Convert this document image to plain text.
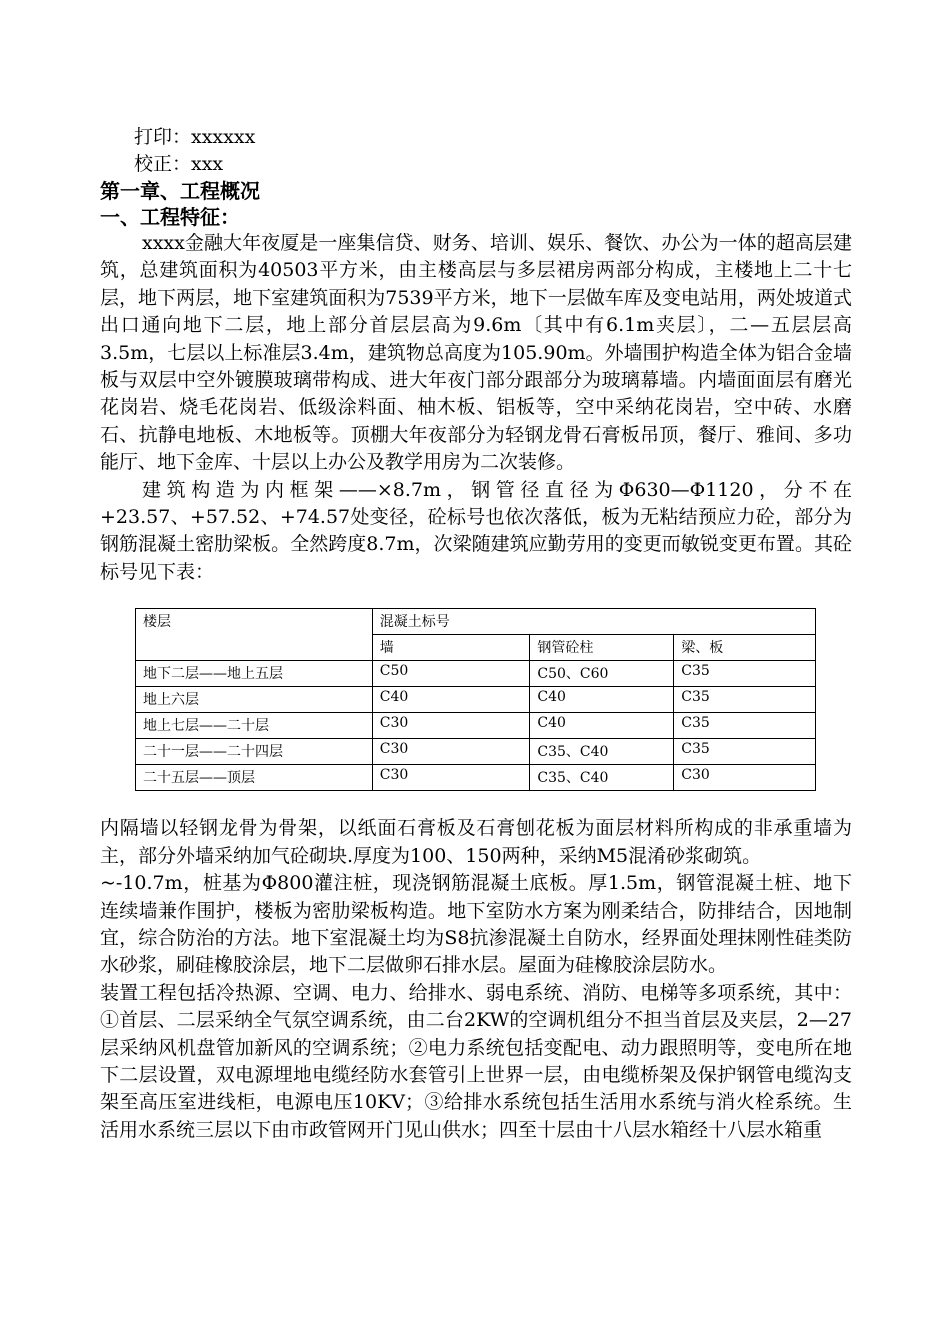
打印：xxxxxx
校正：xxx
第一章、工程概况
一、工程特征：

xxxx金融大年夜厦是一座集信贷、财务、培训、娱乐、餐饮、办公为一体的超高层建筑，总建筑面积为40503平方米，由主楼高层与多层裙房两部分构成，主楼地上二十七层，地下两层，地下室建筑面积为7539平方米，地下一层做车库及变电站用，两处坡道式出口通向地下二层，地上部分首层层高为9.6m〔其中有6.1m夹层〕，二—五层层高3.5m，七层以上标准层3.4m，建筑物总高度为105.90m。外墙围护构造全体为铝合金墙板与双层中空外镀膜玻璃带构成、进大年夜门部分跟部分为玻璃幕墙。内墙面面层有磨光花岗岩、烧毛花岗岩、低级涂料面、柚木板、铝板等，空中采纳花岗岩，空中砖、水磨石、抗静电地板、木地板等。顶棚大年夜部分为轻钢龙骨石膏板吊顶，餐厅、雅间、多功能厅、地下金库、十层以上办公及教学用房为二次装修。

建筑构造为内框架——×8.7m，钢管径直径为Φ630—Φ1120，分不在+23.57、+57.52、+74.57处变径，砼标号也依次落低，板为无粘结预应力砼，部分为钢筋混凝土密肋梁板。全然跨度8.7m，次梁随建筑应勤劳用的变更而敏锐变更布置。其砼标号见下表：

楼层	混凝土标号		
	墙	钢管砼柱	梁、板
地下二层——地上五层	C50	C50、C60	C35
地上六层	C40	C40	C35
地上七层——二十层	C30	C40	C35
二十一层——二十四层	C30	C35、C40	C35
二十五层——顶层	C30	C35、C40	C30

内隔墙以轻钢龙骨为骨架，以纸面石膏板及石膏刨花板为面层材料所构成的非承重墙为主，部分外墙采纳加气砼砌块.厚度为100、150两种，采纳M5混淆砂浆砌筑。

~-10.7m，桩基为Φ800灌注桩，现浇钢筋混凝土底板。厚1.5m，钢管混凝土桩、地下连续墙兼作围护，楼板为密肋梁板构造。地下室防水方案为刚柔结合，防排结合，因地制宜，综合防治的方法。地下室混凝土均为S8抗渗混凝土自防水，经界面处理抹刚性硅类防水砂浆，刷硅橡胶涂层，地下二层做卵石排水层。屋面为硅橡胶涂层防水。

装置工程包括冷热源、空调、电力、给排水、弱电系统、消防、电梯等多项系统，其中：①首层、二层采纳全气氛空调系统，由二台2KW的空调机组分不担当首层及夹层，2—27层采纳风机盘管加新风的空调系统；②电力系统包括变配电、动力跟照明等，变电所在地下二层设置，双电源埋地电缆经防水套管引上世界一层，由电缆桥架及保护钢管电缆沟支架至高压室进线柜，电源电压10KV；③给排水系统包括生活用水系统与消火栓系统。生活用水系统三层以下由市政管网开门见山供水；四至十层由十八层水箱经十八层水箱重
